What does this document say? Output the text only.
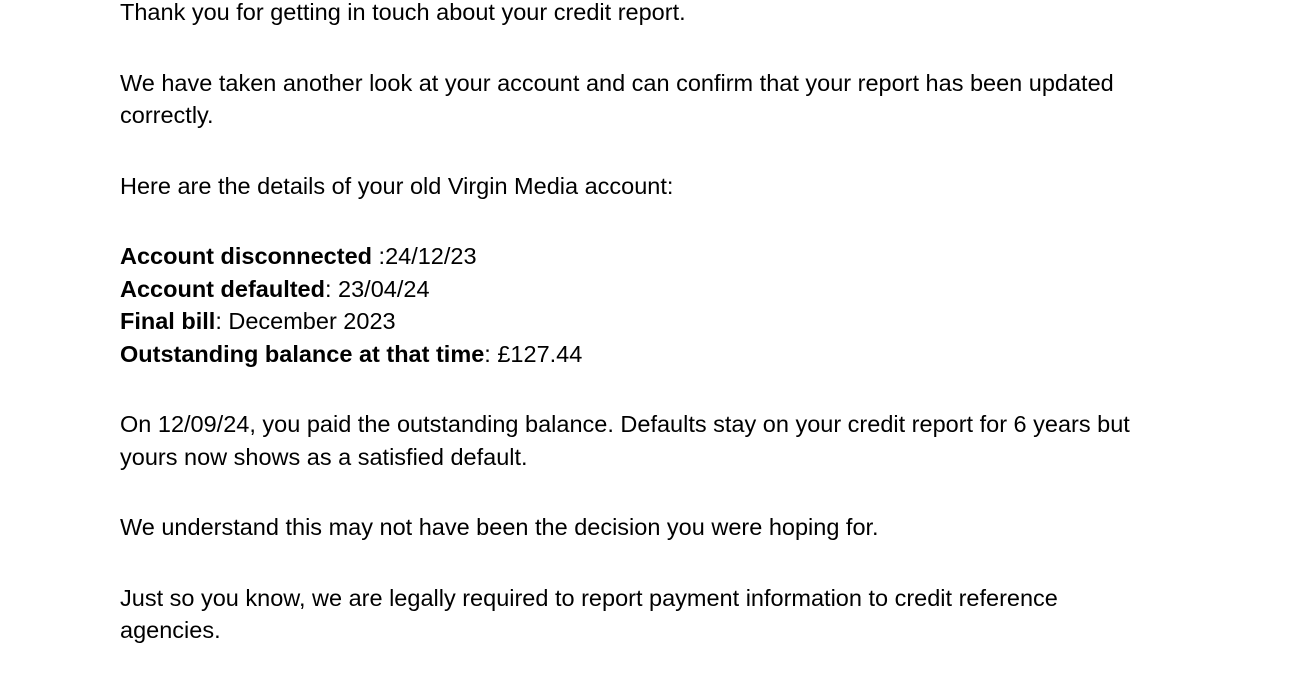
Thank you for getting in touch about your credit report.

We have taken another look at your account and can confirm that your report has been updated correctly.

Here are the details of your old Virgin Media account:

Account disconnected :24/12/23

Account defaulted: 23/04/24

Final bill: December 2023

Outstanding balance at that time: £127.44

On 12/09/24, you paid the outstanding balance. Defaults stay on your credit report for 6 years but yours now shows as a satisfied default.

We understand this may not have been the decision you were hoping for.

Just so you know, we are legally required to report payment information to credit reference agencies.
